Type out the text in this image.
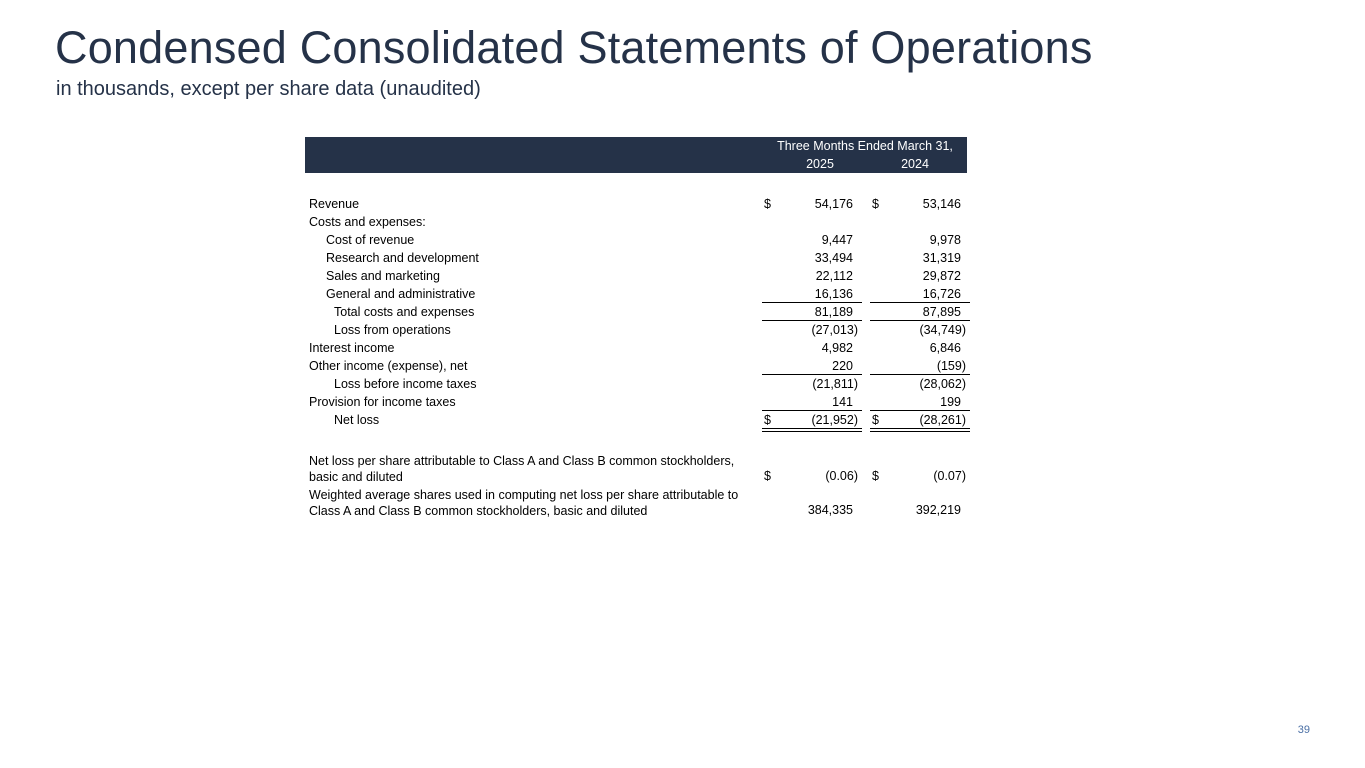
Condensed Consolidated Statements of Operations
in thousands, except per share data (unaudited)
Three Months Ended March 31,
2025	2024
Revenue	$	54,176 $	53,146
Costs and expenses:
Cost of revenue	9,447	9,978
Research and development	33,494	31,319
Sales and marketing	22,112	29,872
General and administrative	16,136	16,726
Total costs and expenses	81,189	87,895
Loss from operations	(27,013)	(34,749)
Interest income	4,982	6,846
Other income (expense), net	220	(159)
Loss before income taxes	(21,811)	(28,062)
Provision for income taxes	141	199
Net loss	$	(21,952) $	(28,261)
Net loss per share attributable to Class A and Class B common stockholders,
basic and diluted	$	(0.06) $	(0.07)
Weighted average shares used in computing net loss per share attributable to
Class A and Class B common stockholders, basic and diluted	384,335	392,219
39
